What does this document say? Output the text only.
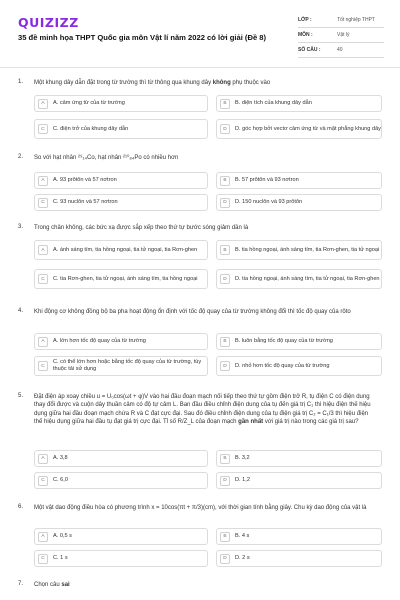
QUIZIZZ
35 đề minh họa THPT Quốc gia môn Vật lí năm 2022 có lời giải (Đề 8)
LỚP :	Tốt nghiệp THPT
MÔN :	Vật lý
SỐ CÂU :	40
1. Một khung dây dẫn đặt trong từ trường thì từ thông qua khung dây không phụ thuộc vào
A	A. cảm ứng từ của từ trường	B	B. diện tích của khung dây dẫn
C	C. điện trở của khung dây dẫn	D	D. góc hợp bởi vectơ cảm ứng từ và mặt phẳng khung dây
2. So với hạt nhân ²⁹₁₄Co, hạt nhân ²¹⁰₈₄Po có nhiều hơn
A	A. 93 prôtôn và 57 nơtron	B	B. 57 prôtôn và 93 nơtron
C	C. 93 nuclôn và 57 nơtron	D	D. 150 nuclôn và 93 prôtôn
3. Trong chân không, các bức xạ được sắp xếp theo thứ tự bước sóng giảm dần là
A	A. ánh sáng tím, tia hồng ngoại, tia tử ngoại, tia Rơn-ghen	B	B. tia hồng ngoại, ánh sáng tím, tia Rơn-ghen, tia tử ngoại
C	C. tia Rơn-ghen, tia tử ngoại, ánh sáng tím, tia hồng ngoại	D	D. tia hồng ngoại, ánh sáng tím, tia tử ngoại, tia Rơn-ghen
4. Khi động cơ không đồng bộ ba pha hoạt động ổn định với tốc độ quay của từ trường không đổi thì tốc độ quay của rôto
A	A. lớn hơn tốc độ quay của từ trường	B	B. luôn bằng tốc độ quay của từ trường
C
C. có thể lớn hơn hoặc bằng tốc độ quay của từ trường, tùy thuộc tải sử dụng	D	D. nhỏ hơn tốc độ quay của từ trường
5. Đặt điện áp xoay chiều u = U₀cos(ωt + φ)V vào hai đầu đoạn mạch nối tiếp theo thứ tự gồm điện trở R, tụ điện C có điện dung thay đổi được và cuộn dây thuần cảm có độ tự cảm L. Ban đầu điều chỉnh điện dung của tụ đến giá trị C₁ thì hiệu điện thế hiệu dụng giữa hai đầu đoạn mạch chứa R và C đạt cực đại. Sau đó điều chỉnh điện dung của tụ điện giá trị C₂ = C₁/3 thì hiệu điện thế hiệu dụng giữa hai đầu tụ đạt giá trị cực đại. Tỉ số R/Z_L của đoạn mạch gần nhất với giá trị nào trong các giá trị sau?
A	A. 3,8	B	B. 3,2
C	C. 6,0	D	D. 1,2
6. Một vật dao động điều hòa có phương trình x = 10cos(πt + π/3)(cm), với thời gian tính bằng giây. Chu kỳ dao động của vật là
A	A. 0,5 s	B	B. 4 s
C	C. 1 s	D	D. 2 s
7. Chọn câu sai
